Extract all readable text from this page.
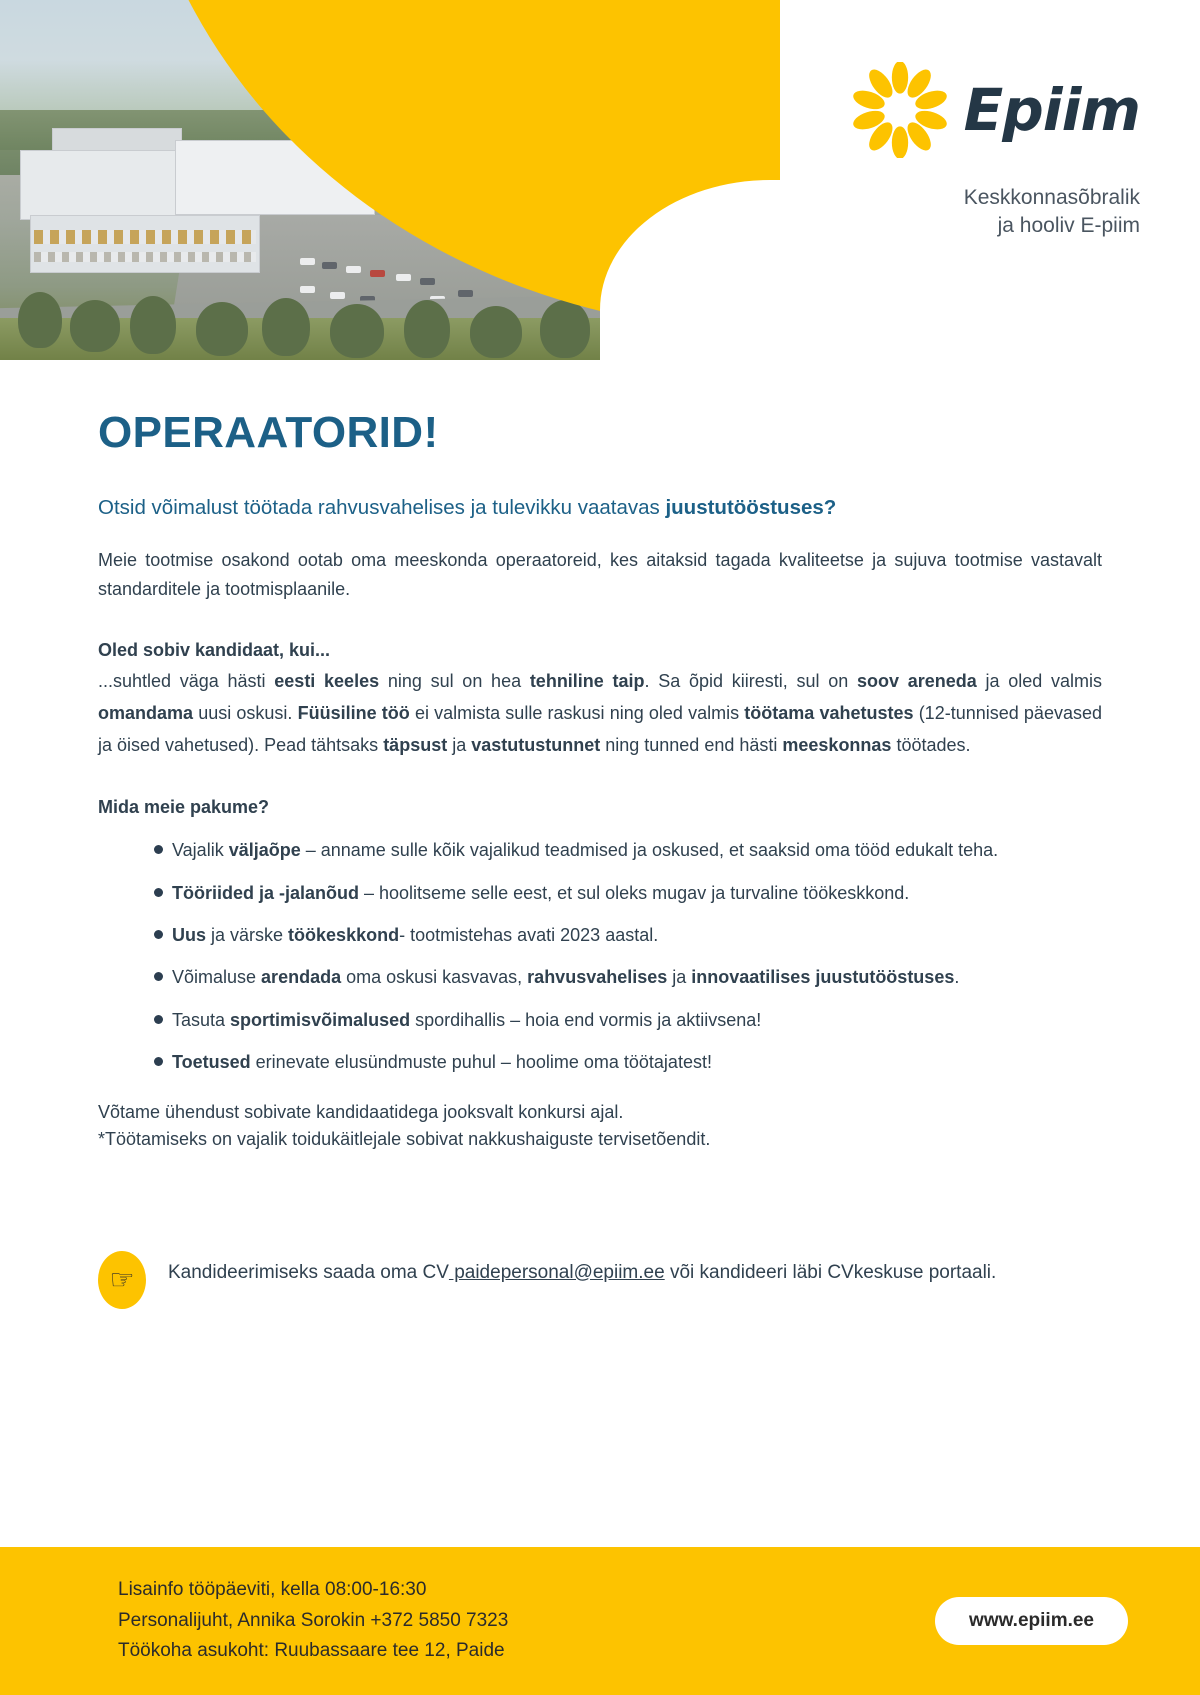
Epiim
Keskkonnasõbralik
ja hooliv E-piim
OPERAATORID!
Otsid võimalust töötada rahvusvahelises ja tulevikku vaatavas juustutööstuses?

Meie tootmise osakond ootab oma meeskonda operaatoreid, kes aitaksid tagada kvaliteetse ja sujuva tootmise vastavalt standarditele ja tootmisplaanile.

Oled sobiv kandidaat, kui...
...suhtled väga hästi eesti keeles ning sul on hea tehniline taip. Sa õpid kiiresti, sul on soov areneda ja oled valmis omandama uusi oskusi. Füüsiline töö ei valmista sulle raskusi ning oled valmis töötama vahetustes (12-tunnised päevased ja öised vahetused). Pead tähtsaks täpsust ja vastutustunnet ning tunned end hästi meeskonnas töötades.
Mida meie pakume?
Vajalik väljaõpe – anname sulle kõik vajalikud teadmised ja oskused, et saaksid oma tööd edukalt teha.
Tööriided ja -jalanõud – hoolitseme selle eest, et sul oleks mugav ja turvaline töökeskkond.
Uus ja värske töökeskkond- tootmistehas avati 2023 aastal.
Võimaluse arendada oma oskusi kasvavas, rahvusvahelises ja innovaatilises juustutööstuses.
Tasuta sportimisvõimalused spordihallis – hoia end vormis ja aktiivsena!
Toetused erinevate elusündmuste puhul – hoolime oma töötajatest!
Võtame ühendust sobivate kandidaatidega jooksvalt konkursi ajal.
*Töötamiseks on vajalik toidukäitlejale sobivat nakkushaiguste tervisetõendit.
☞ Kandideerimiseks saada oma CV paidepersonal@epiim.ee või kandideeri läbi CVkeskuse portaali.
Lisainfo tööpäeviti, kella 08:00-16:30
Personalijuht, Annika Sorokin +372 5850 7323
Töökoha asukoht: Ruubassaare tee 12, Paide
www.epiim.ee
